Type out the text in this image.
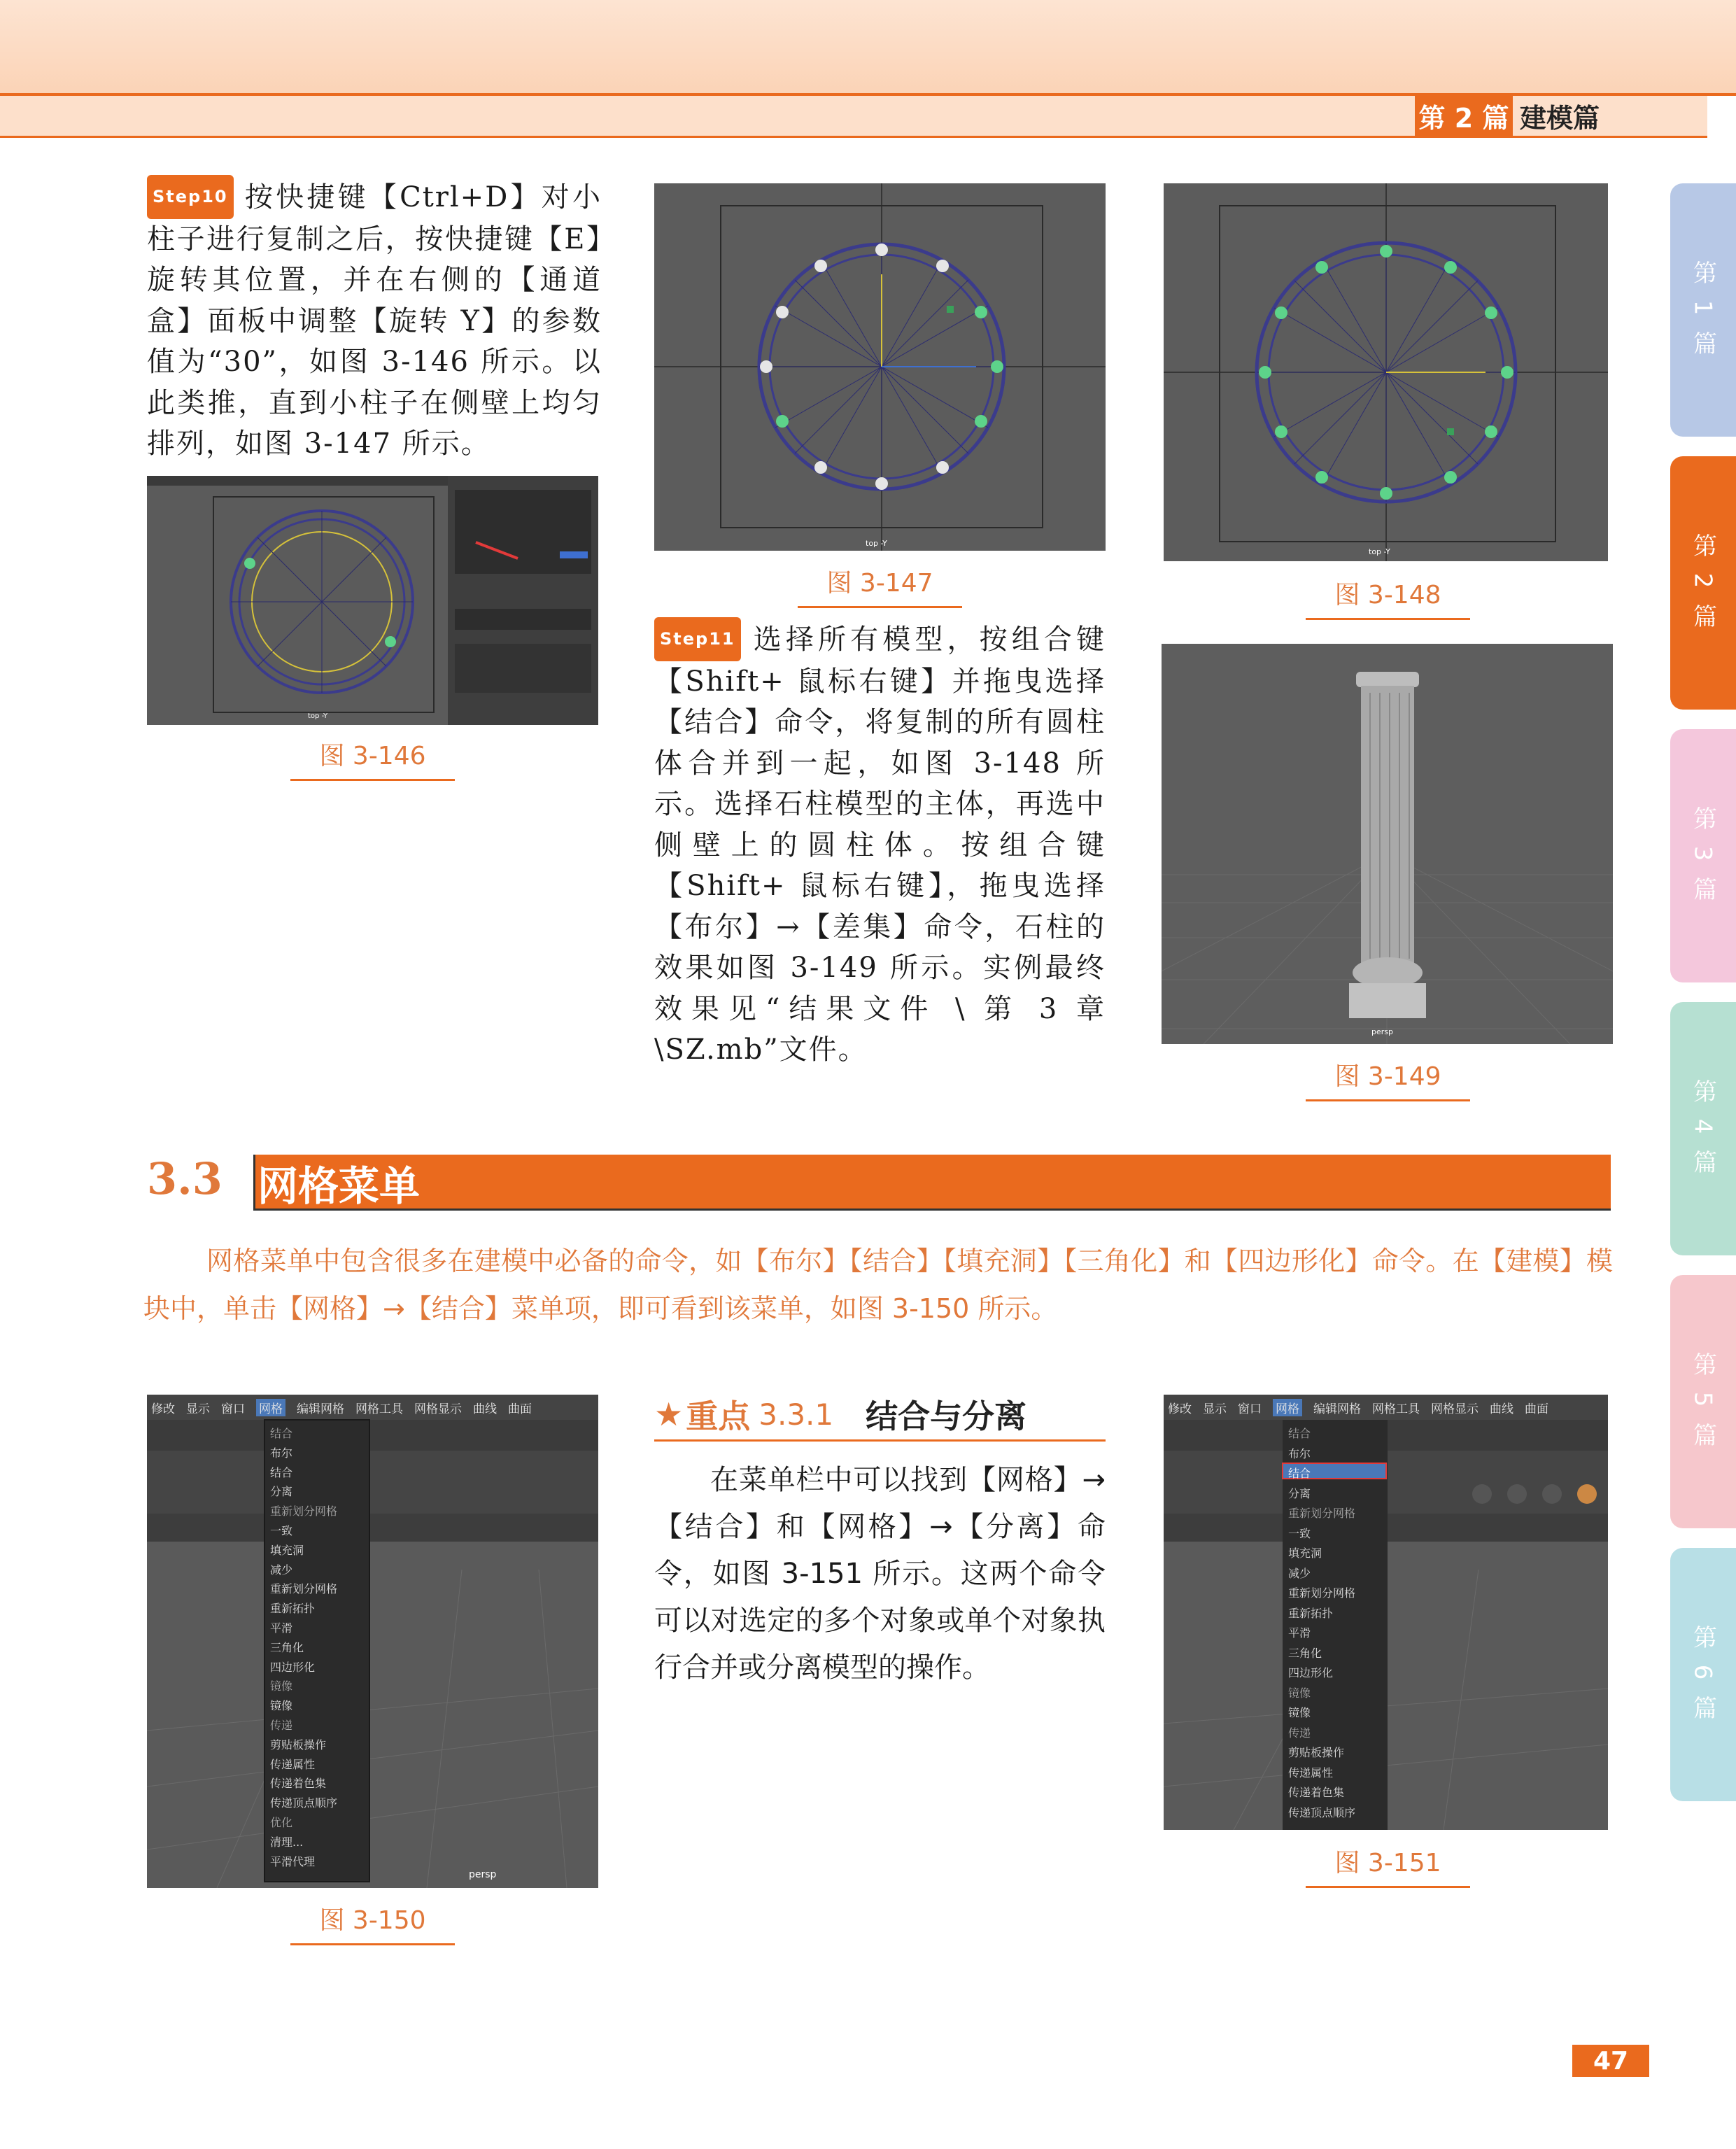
第 2 篇 建模篇
第 1 篇
第 2 篇
第 3 篇
第 4 篇
第 5 篇
第 6 篇
Step10 按快捷键【Ctrl+D】对小柱子进行复制之后，按快捷键【E】旋转其位置，并在右侧的【通道盒】面板中调整【旋转 Y】的参数值为“30”，如图 3-146 所示。以此类推，直到小柱子在侧壁上均匀排列，如图 3-147 所示。
top -Y
图 3-146
top -Y
图 3-147
top -Y
图 3-148
Step11 选择所有模型，按组合键【Shift+ 鼠标右键】并拖曳选择【结合】命令，将复制的所有圆柱体合并到一起，如图 3-148 所示。选择石柱模型的主体，再选中侧壁上的圆柱体。按组合键【Shift+ 鼠标右键】，拖曳选择【布尔】→【差集】命令，石柱的效果如图 3-149 所示。实例最终效果见“结果文件 \ 第 3 章 \SZ.mb”文件。
persp
图 3-149
3.3 网格菜单
网格菜单中包含很多在建模中必备的命令，如【布尔】【结合】【填充洞】【三角化】和【四边形化】命令。在【建模】模块中，单击【网格】→【结合】菜单项，即可看到该菜单，如图 3-150 所示。
修改 显示 窗口 网格 编辑网格 网格工具 网格显示 曲线 曲面
结合
布尔
结合
分离
重新划分网格
一致
填充洞
减少
重新划分网格
重新拓扑
平滑
三角化
四边形化
镜像
镜像
传递
剪贴板操作
传递属性
传递着色集
传递顶点顺序
优化
清理...
平滑代理
persp
图 3-150
★ 重点 3.3.1 结合与分离
在菜单栏中可以找到【网格】→【结合】和【网格】→【分离】命令，如图 3-151 所示。这两个命令可以对选定的多个对象或单个对象执行合并或分离模型的操作。
修改 显示 窗口 网格 编辑网格 网格工具 网格显示 曲线 曲面
结合
布尔
结合
分离
重新划分网格
一致
填充洞
减少
重新划分网格
重新拓扑
平滑
三角化
四边形化
镜像
镜像
传递
剪贴板操作
传递属性
传递着色集
传递顶点顺序
图 3-151
47
